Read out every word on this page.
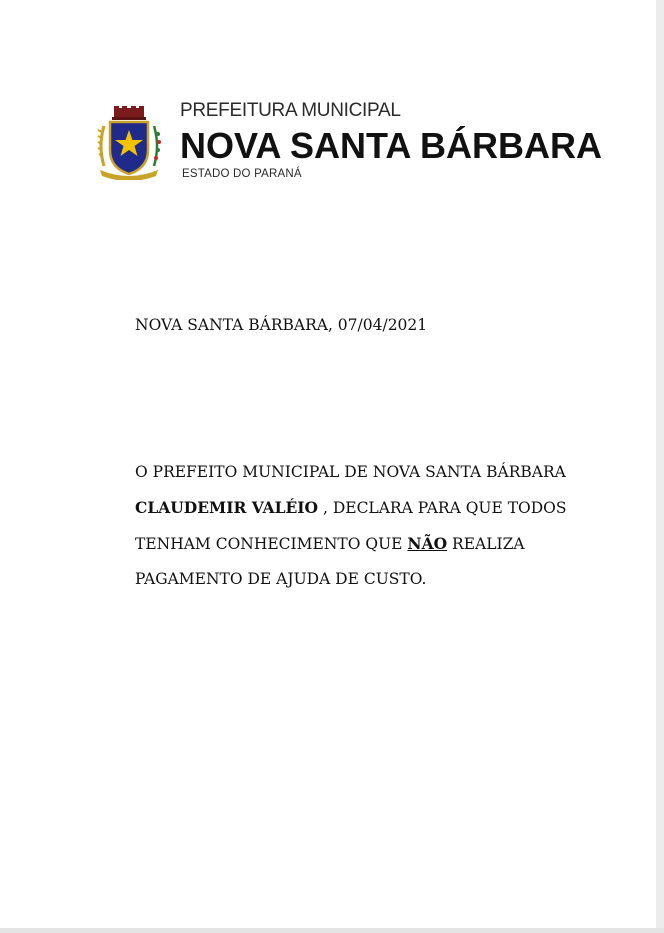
PREFEITURA MUNICIPAL
NOVA SANTA BÁRBARA
ESTADO DO PARANÁ
NOVA SANTA BÁRBARA, 07/04/2021
O PREFEITO MUNICIPAL DE NOVA SANTA BÁRBARA
CLAUDEMIR VALÉIO , DECLARA PARA QUE TODOS
TENHAM CONHECIMENTO QUE NÃO REALIZA
PAGAMENTO DE AJUDA DE CUSTO.
